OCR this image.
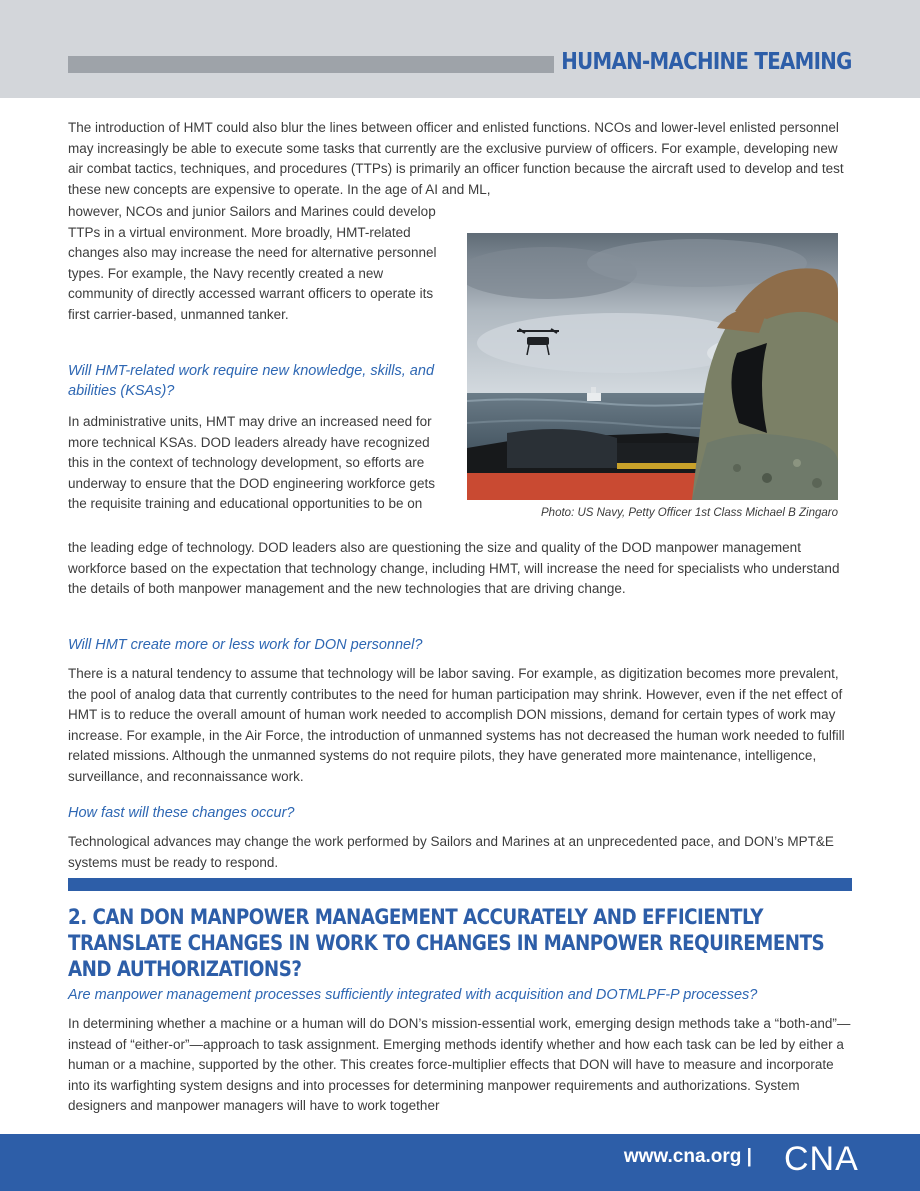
HUMAN-MACHINE TEAMING
The introduction of HMT could also blur the lines between officer and enlisted functions. NCOs and lower-level enlisted personnel may increasingly be able to execute some tasks that currently are the exclusive purview of officers. For example, developing new air combat tactics, techniques, and procedures (TTPs) is primarily an officer function because the aircraft used to develop and test these new concepts are expensive to operate. In the age of AI and ML,
however, NCOs and junior Sailors and Marines could develop TTPs in a virtual environment. More broadly, HMT-related changes also may increase the need for alternative personnel types. For example, the Navy recently created a new community of directly accessed warrant officers to operate its first carrier-based, unmanned tanker.
Will HMT-related work require new knowledge, skills, and abilities (KSAs)?
In administrative units, HMT may drive an increased need for more technical KSAs. DOD leaders already have recognized this in the context of technology development, so efforts are underway to ensure that the DOD engineering workforce gets the requisite training and educational opportunities to be on
the leading edge of technology. DOD leaders also are questioning the size and quality of the DOD manpower management workforce based on the expectation that technology change, including HMT, will increase the need for specialists who understand the details of both manpower management and the new technologies that are driving change.
Photo: US Navy, Petty Officer 1st Class Michael B Zingaro
Will HMT create more or less work for DON personnel?
There is a natural tendency to assume that technology will be labor saving. For example, as digitization becomes more prevalent, the pool of analog data that currently contributes to the need for human participation may shrink. However, even if the net effect of HMT is to reduce the overall amount of human work needed to accomplish DON missions, demand for certain types of work may increase. For example, in the Air Force, the introduction of unmanned systems has not decreased the human work needed to fulfill related missions. Although the unmanned systems do not require pilots, they have generated more maintenance, intelligence, surveillance, and reconnaissance work.
How fast will these changes occur?
Technological advances may change the work performed by Sailors and Marines at an unprecedented pace, and DON’s MPT&E systems must be ready to respond.
2. CAN DON MANPOWER MANAGEMENT ACCURATELY AND EFFICIENTLY TRANSLATE CHANGES IN WORK TO CHANGES IN MANPOWER REQUIREMENTS AND AUTHORIZATIONS?
Are manpower management processes sufficiently integrated with acquisition and DOTMLPF-P processes?
In determining whether a machine or a human will do DON’s mission-essential work, emerging design methods take a “both-and”—instead of “either-or”—approach to task assignment. Emerging methods identify whether and how each task can be led by either a human or a machine, supported by the other. This creates force-multiplier effects that DON will have to measure and incorporate into its warfighting system designs and into processes for determining manpower requirements and authorizations. System designers and manpower managers will have to work together
www.cna.org | CNA
